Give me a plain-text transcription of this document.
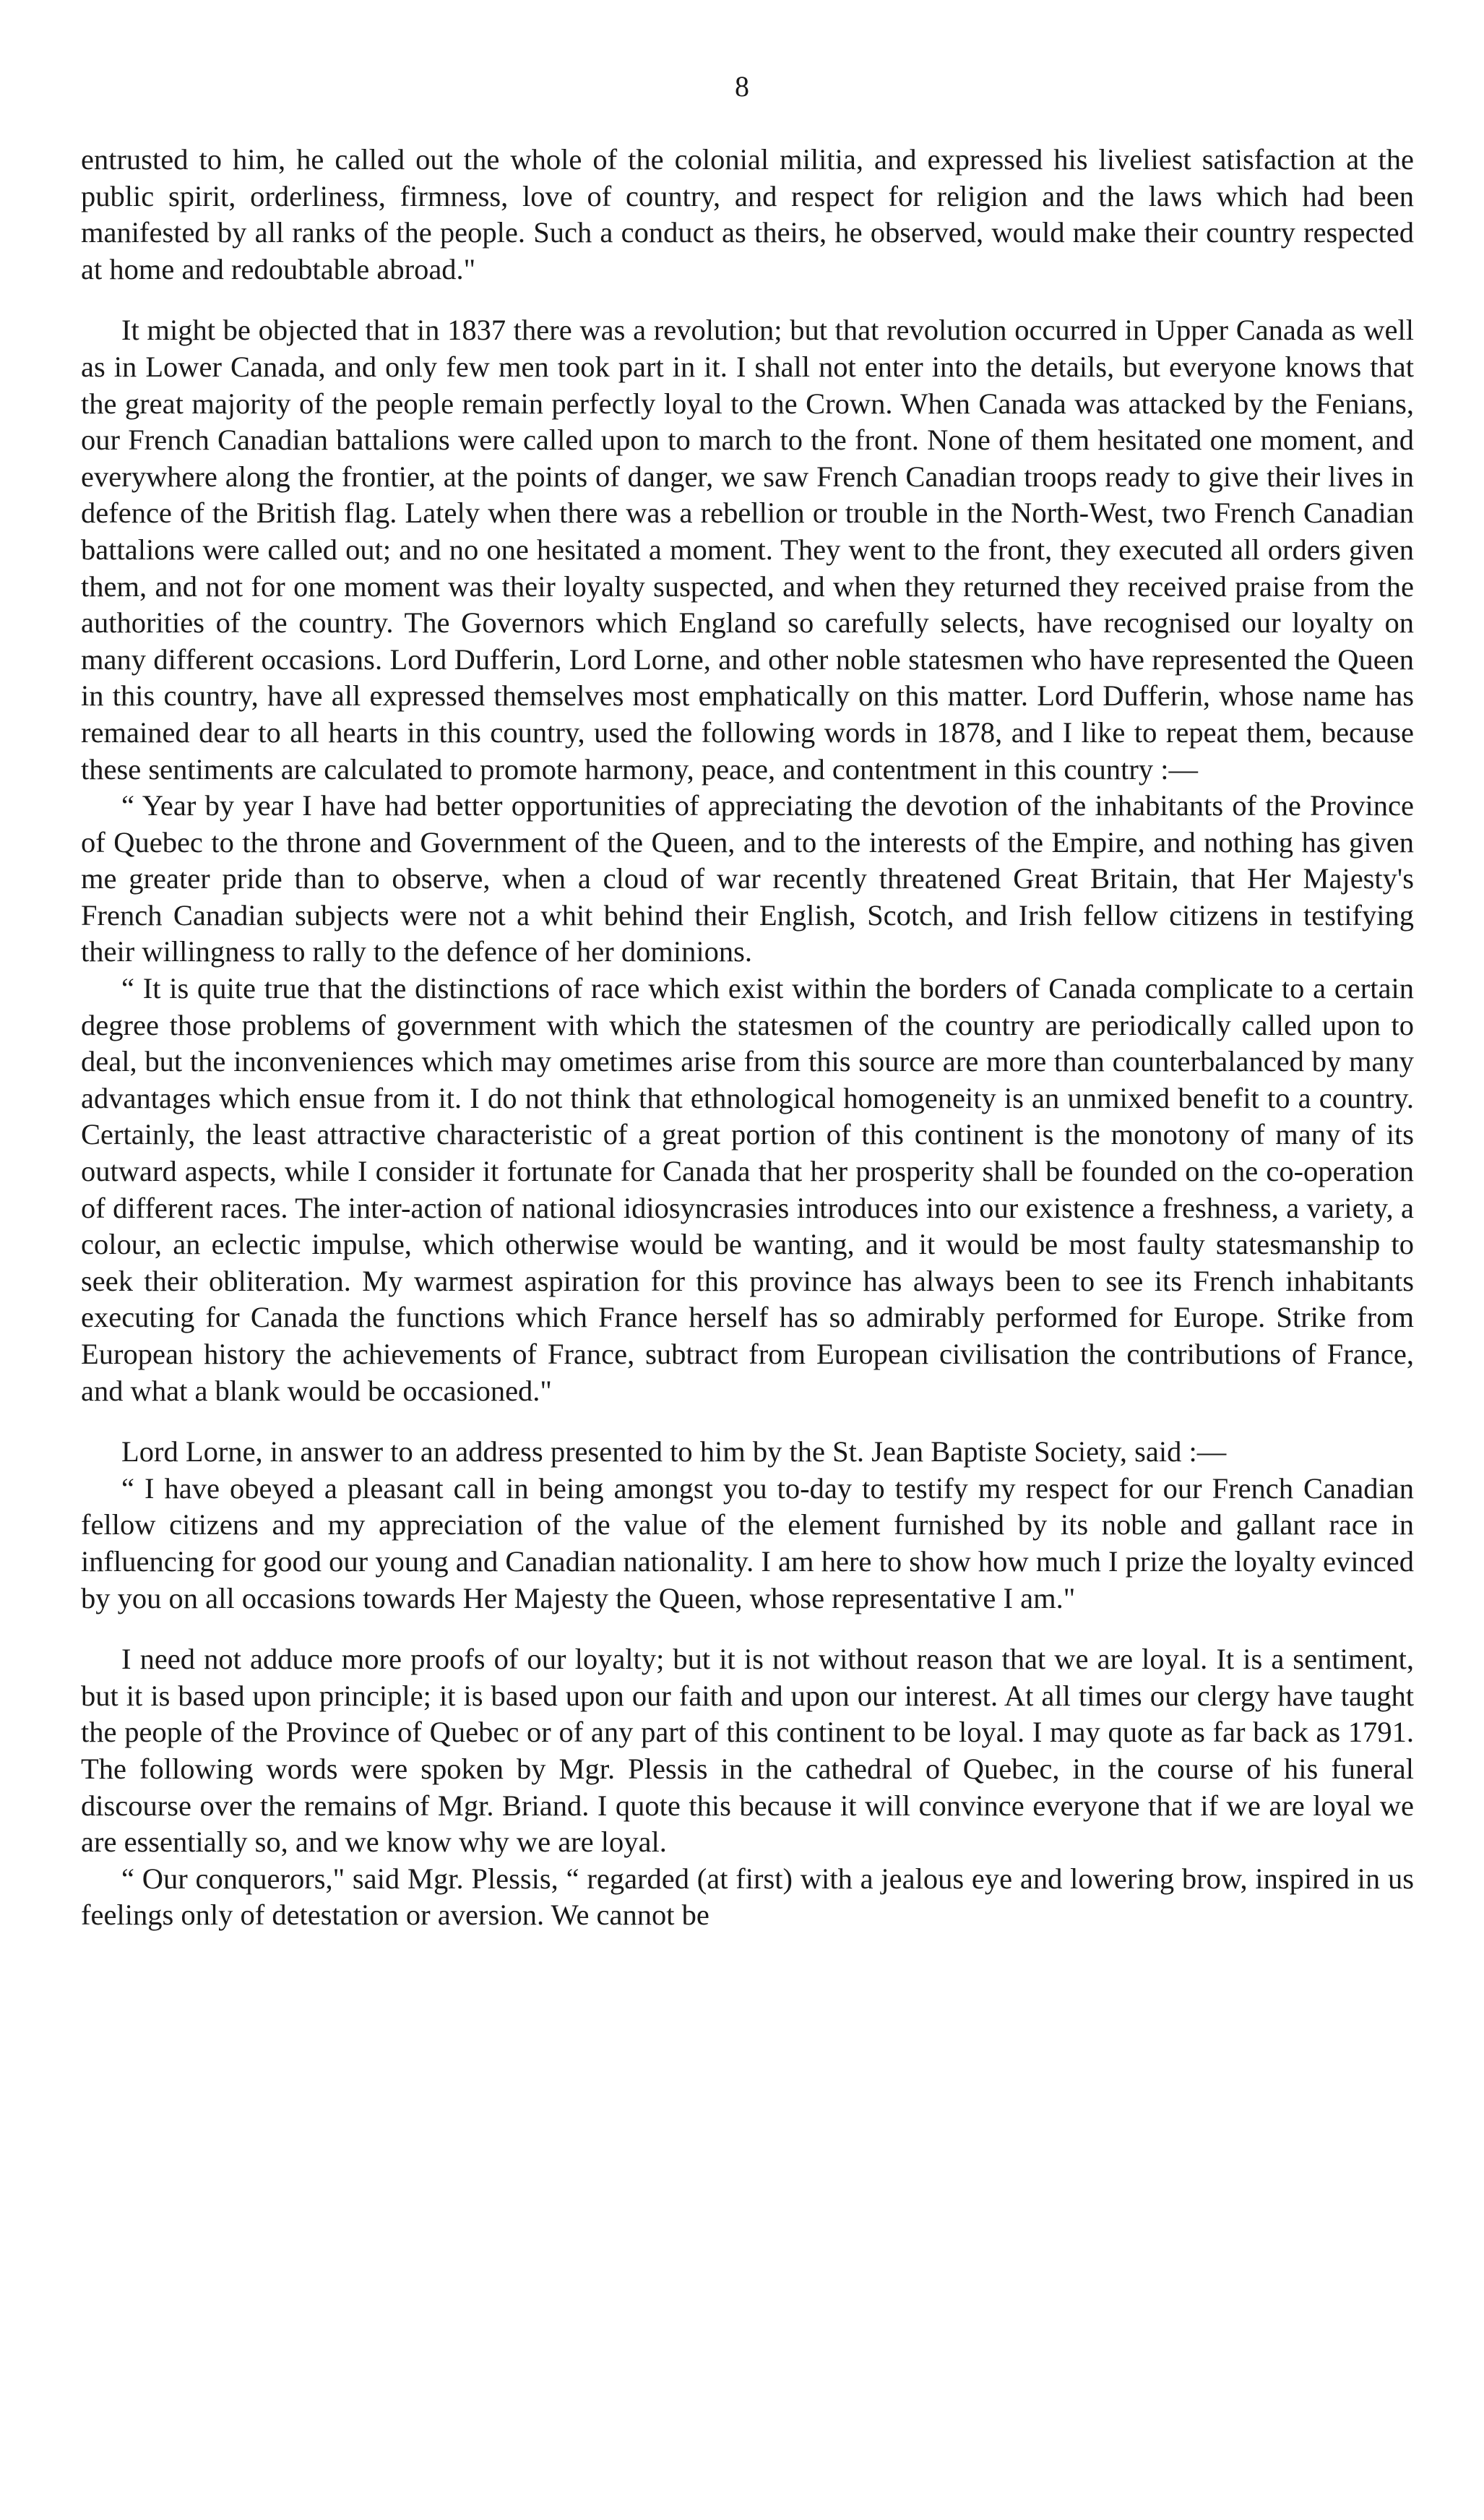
8

entrusted to him, he called out the whole of the colonial militia, and expressed his liveliest satisfaction at the public spirit, orderliness, firmness, love of country, and respect for religion and the laws which had been manifested by all ranks of the people. Such a conduct as theirs, he observed, would make their country respected at home and redoubtable abroad."

It might be objected that in 1837 there was a revolution; but that revolution occurred in Upper Canada as well as in Lower Canada, and only few men took part in it. I shall not enter into the details, but everyone knows that the great majority of the people remain perfectly loyal to the Crown. When Canada was attacked by the Fenians, our French Canadian battalions were called upon to march to the front. None of them hesitated one moment, and everywhere along the frontier, at the points of danger, we saw French Canadian troops ready to give their lives in defence of the British flag. Lately when there was a rebellion or trouble in the North-West, two French Canadian battalions were called out; and no one hesitated a moment. They went to the front, they executed all orders given them, and not for one moment was their loyalty suspected, and when they returned they received praise from the authorities of the country. The Governors which England so carefully selects, have recognised our loyalty on many different occasions. Lord Dufferin, Lord Lorne, and other noble statesmen who have represented the Queen in this country, have all expressed themselves most emphatically on this matter. Lord Dufferin, whose name has remained dear to all hearts in this country, used the following words in 1878, and I like to repeat them, because these sentiments are calculated to promote harmony, peace, and contentment in this country :—

“ Year by year I have had better opportunities of appreciating the devotion of the inhabitants of the Province of Quebec to the throne and Government of the Queen, and to the interests of the Empire, and nothing has given me greater pride than to observe, when a cloud of war recently threatened Great Britain, that Her Majesty's French Canadian subjects were not a whit behind their English, Scotch, and Irish fellow citizens in testifying their willingness to rally to the defence of her dominions.

“ It is quite true that the distinctions of race which exist within the borders of Canada complicate to a certain degree those problems of government with which the statesmen of the country are periodically called upon to deal, but the inconveniences which may ometimes arise from this source are more than counterbalanced by many advantages which ensue from it. I do not think that ethnological homogeneity is an unmixed benefit to a country. Certainly, the least attractive characteristic of a great portion of this continent is the monotony of many of its outward aspects, while I consider it fortunate for Canada that her prosperity shall be founded on the co-operation of different races. The inter-action of national idiosyncrasies introduces into our existence a freshness, a variety, a colour, an eclectic impulse, which otherwise would be wanting, and it would be most faulty statesmanship to seek their obliteration. My warmest aspiration for this province has always been to see its French inhabitants executing for Canada the functions which France herself has so admirably performed for Europe. Strike from European history the achievements of France, subtract from European civilisation the contributions of France, and what a blank would be occasioned."

Lord Lorne, in answer to an address presented to him by the St. Jean Baptiste Society, said :—

“ I have obeyed a pleasant call in being amongst you to-day to testify my respect for our French Canadian fellow citizens and my appreciation of the value of the element furnished by its noble and gallant race in influencing for good our young and Canadian nationality. I am here to show how much I prize the loyalty evinced by you on all occasions towards Her Majesty the Queen, whose representative I am."

I need not adduce more proofs of our loyalty; but it is not without reason that we are loyal. It is a sentiment, but it is based upon principle; it is based upon our faith and upon our interest. At all times our clergy have taught the people of the Province of Quebec or of any part of this continent to be loyal. I may quote as far back as 1791. The following words were spoken by Mgr. Plessis in the cathedral of Quebec, in the course of his funeral discourse over the remains of Mgr. Briand. I quote this because it will convince everyone that if we are loyal we are essentially so, and we know why we are loyal.

“ Our conquerors," said Mgr. Plessis, “ regarded (at first) with a jealous eye and lowering brow, inspired in us feelings only of detestation or aversion. We cannot be
